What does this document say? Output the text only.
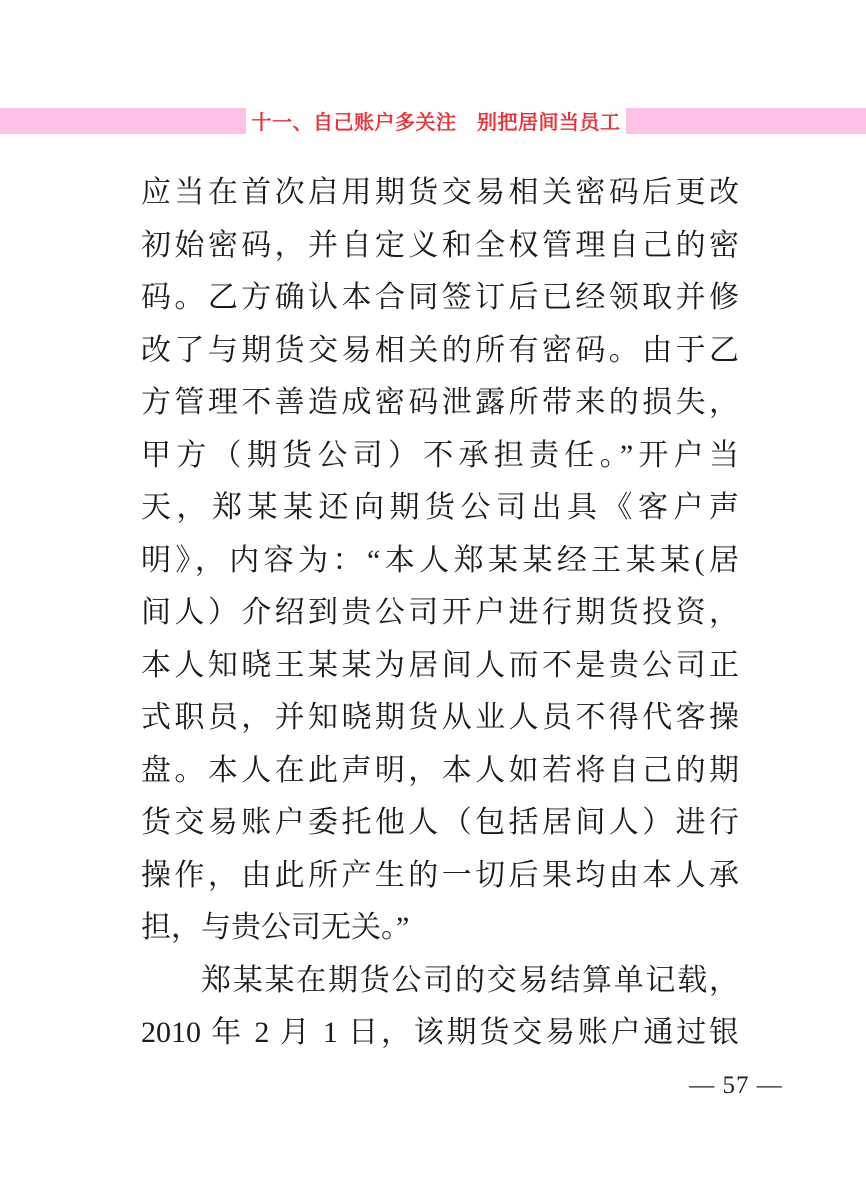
十一、自己账户多关注　别把居间当员工
应当在首次启用期货交易相关密码后更改
初始密码，并自定义和全权管理自己的密
码。乙方确认本合同签订后已经领取并修
改了与期货交易相关的所有密码。由于乙
方管理不善造成密码泄露所带来的损失，
甲方（期货公司）不承担责任。”开户当
天，郑某某还向期货公司出具《客户声
明》，内容为：“本人郑某某经王某某(居
间人）介绍到贵公司开户进行期货投资，
本人知晓王某某为居间人而不是贵公司正
式职员，并知晓期货从业人员不得代客操
盘。本人在此声明，本人如若将自己的期
货交易账户委托他人（包括居间人）进行
操作，由此所产生的一切后果均由本人承
担，与贵公司无关。”
郑某某在期货公司的交易结算单记载，
2010 年 2 月 1 日，该期货交易账户通过银
— 57 —
